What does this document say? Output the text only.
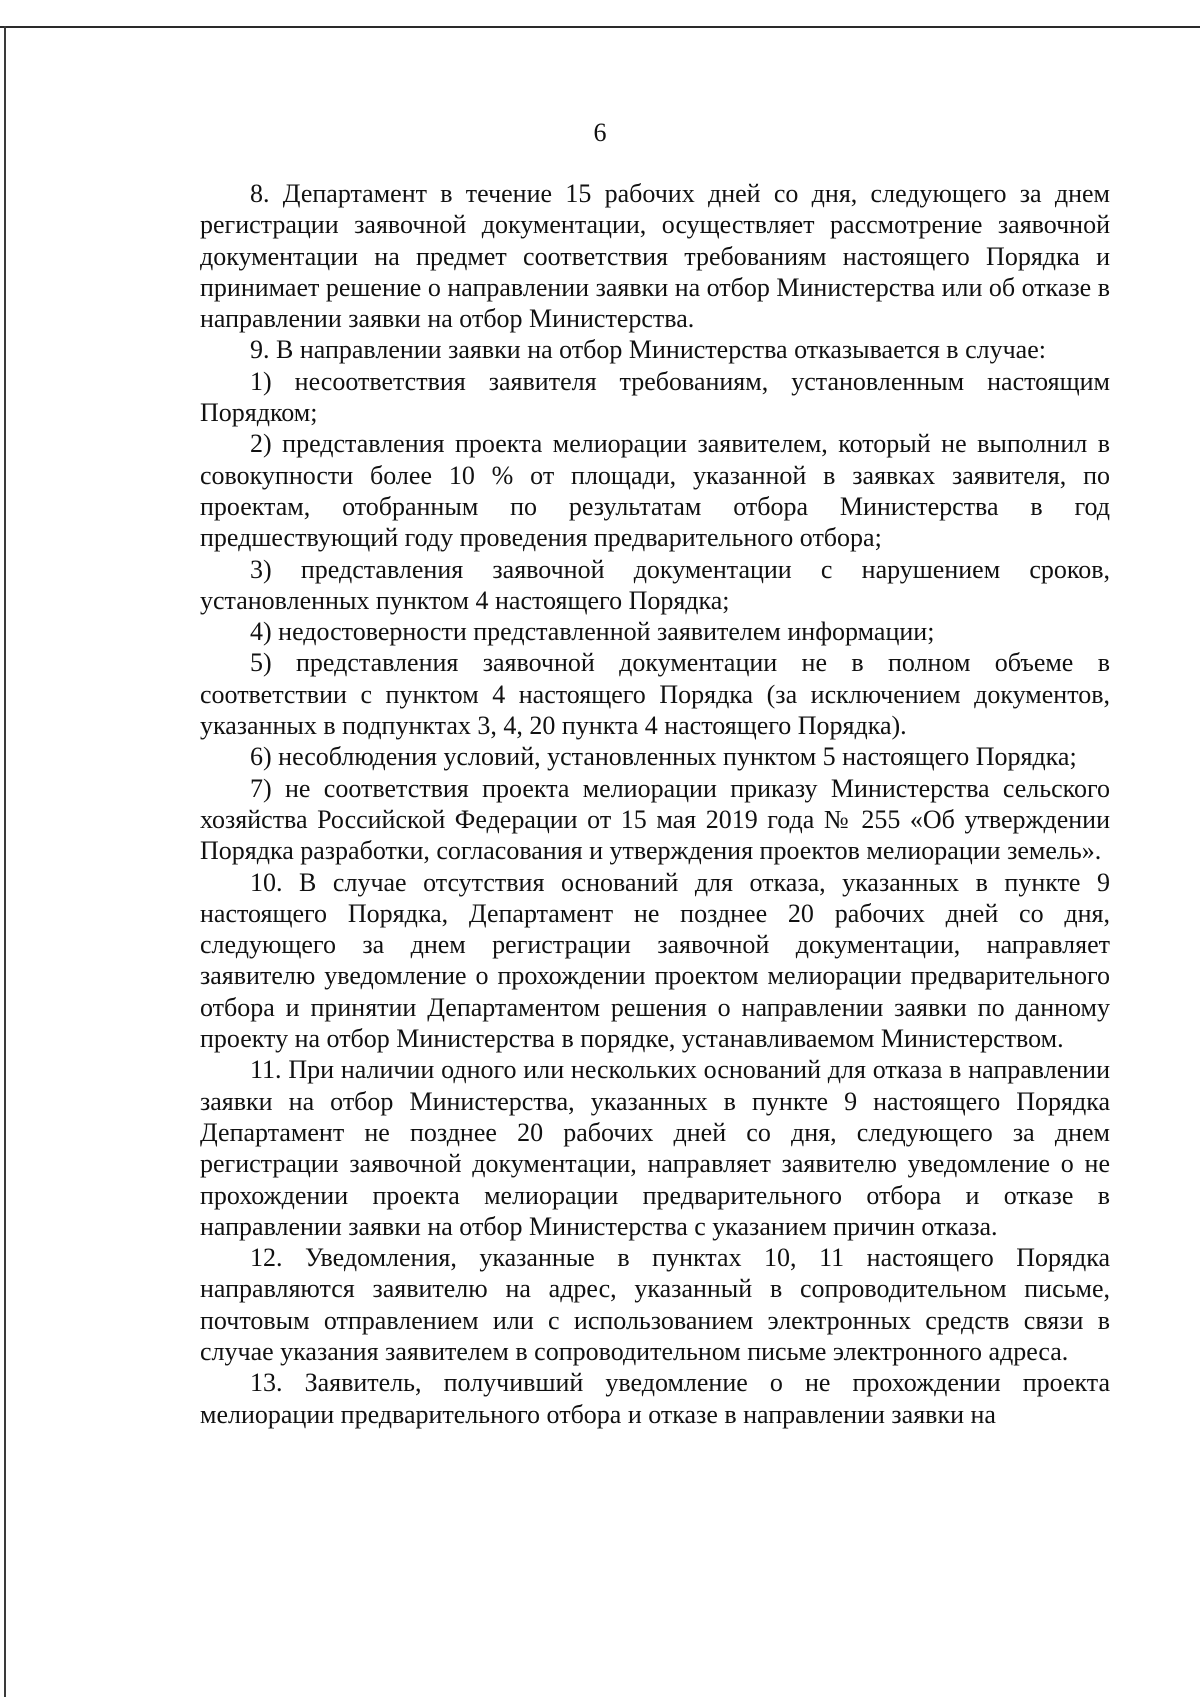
6

8. Департамент в течение 15 рабочих дней со дня, следующего за днем регистрации заявочной документации, осуществляет рассмотрение заявочной документации на предмет соответствия требованиям настоящего Порядка и принимает решение о направлении заявки на отбор Министерства или об отказе в направлении заявки на отбор Министерства.

9. В направлении заявки на отбор Министерства отказывается в случае:

1) несоответствия заявителя требованиям, установленным настоящим Порядком;

2) представления проекта мелиорации заявителем, который не выполнил в совокупности более 10 % от площади, указанной в заявках заявителя, по проектам, отобранным по результатам отбора Министерства в год предшествующий году проведения предварительного отбора;

3) представления заявочной документации с нарушением сроков, установленных пунктом 4 настоящего Порядка;

4) недостоверности представленной заявителем информации;

5) представления заявочной документации не в полном объеме в соответствии с пунктом 4 настоящего Порядка (за исключением документов, указанных в подпунктах 3, 4, 20 пункта 4 настоящего Порядка).

6) несоблюдения условий, установленных пунктом 5 настоящего Порядка;

7) не соответствия проекта мелиорации приказу Министерства сельского хозяйства Российской Федерации от 15 мая 2019 года № 255 «Об утверждении Порядка разработки, согласования и утверждения проектов мелиорации земель».

10. В случае отсутствия оснований для отказа, указанных в пункте 9 настоящего Порядка, Департамент не позднее 20 рабочих дней со дня, следующего за днем регистрации заявочной документации, направляет заявителю уведомление о прохождении проектом мелиорации предварительного отбора и принятии Департаментом решения о направлении заявки по данному проекту на отбор Министерства в порядке, устанавливаемом Министерством.

11. При наличии одного или нескольких оснований для отказа в направлении заявки на отбор Министерства, указанных в пункте 9 настоящего Порядка Департамент не позднее 20 рабочих дней со дня, следующего за днем регистрации заявочной документации, направляет заявителю уведомление о не прохождении проекта мелиорации предварительного отбора и отказе в направлении заявки на отбор Министерства с указанием причин отказа.

12. Уведомления, указанные в пунктах 10, 11 настоящего Порядка направляются заявителю на адрес, указанный в сопроводительном письме, почтовым отправлением или с использованием электронных средств связи в случае указания заявителем в сопроводительном письме электронного адреса.

13. Заявитель, получивший уведомление о не прохождении проекта мелиорации предварительного отбора и отказе в направлении заявки на
